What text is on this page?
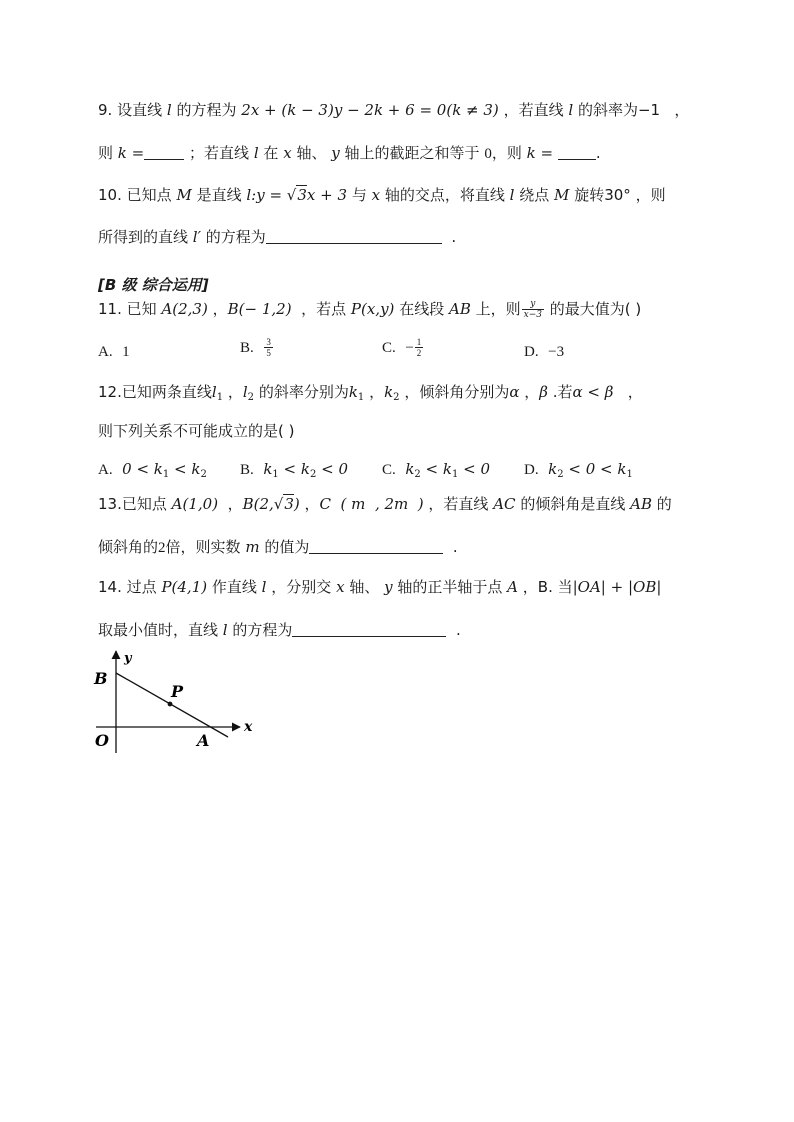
9. 设直线 l 的方程为 2x + (k − 3)y − 2k + 6 = 0(k ≠ 3) ，若直线 l 的斜率为−1 ，
则 k =	；若直线 l 在 x 轴、 y 轴上的截距之和等于 0，则 k =	.
10. 已知点 M 是直线 l:y = √3x + 3 与 x 轴的交点，将直线 l 绕点 M 旋转30° ，则
所得到的直线 l′ 的方程为	.
[B 级 综合运用]
11. 已知 A(2,3) ，B(− 1,2) ，若点 P(x,y) 在线段 AB 上，则 $\frac{y}{x-3}$ 的最大值为( )
A. 1	B. $\frac{3}{5}$	C. − $\frac{1}{2}$	D. −3
12.已知两条直线$l_1$ ，$l_2$ 的斜率分别为$k_1$ ，$k_2$ ，倾斜角分别为α ，β .若α < β ，
则下列关系不可能成立的是( )
A. $0 < k_1 < k_2$ B. $k_1 < k_2 < 0$ C. $k_2 < k_1 < 0$ D. $k_2 < 0 < k_1$
13.已知点 A(1,0)  ，B(2,√3) ，C  ( m  , 2m  ) ，若直线 AC 的倾斜角是直线 AB 的
倾斜角的2倍，则实数 m 的值为	.
14. 过点 P(4,1) 作直线 l ，分别交 x 轴、 y 轴的正半轴于点 A ，B. 当|OA| + |OB|
取最小值时，直线 l 的方程为	.
y
x
B
P
O	A
